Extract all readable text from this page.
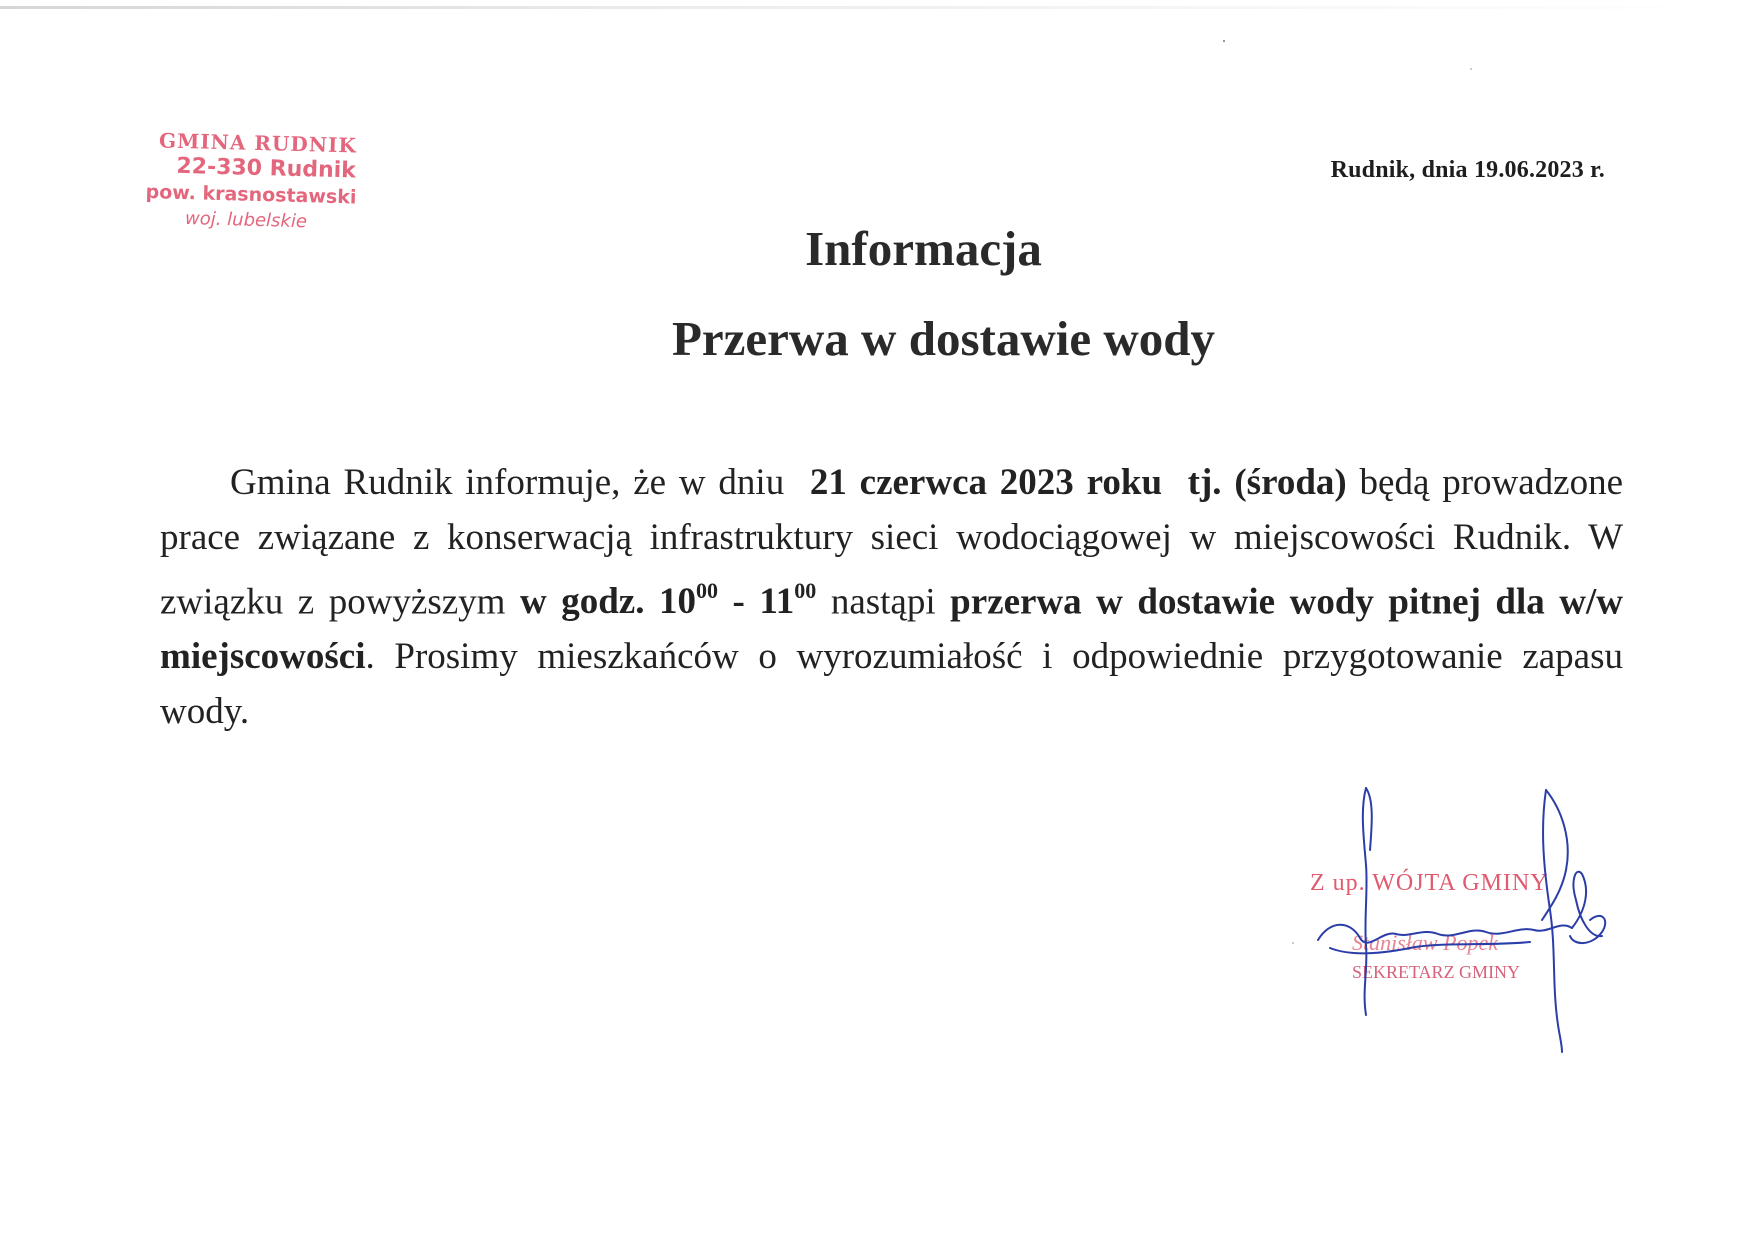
GMINA RUDNIK
22-330 Rudnik
pow. krasnostawski
woj. lubelskie
Rudnik, dnia 19.06.2023 r.
Informacja
Przerwa w dostawie wody
Gmina Rudnik informuje, że w dniu 21 czerwca 2023 roku tj. (środa) będą prowadzone prace związane z konserwacją infrastruktury sieci wodociągowej w miejscowości Rudnik. W związku z powyższym w godz. $10^{00} - 11^{00}$ nastąpi przerwa w dostawie wody pitnej dla w/w miejscowości. Prosimy mieszkańców o wyrozumiałość i odpowiednie przygotowanie zapasu wody.
Z up. WÓJTA GMINY
Stanisław Popek
SEKRETARZ GMINY
